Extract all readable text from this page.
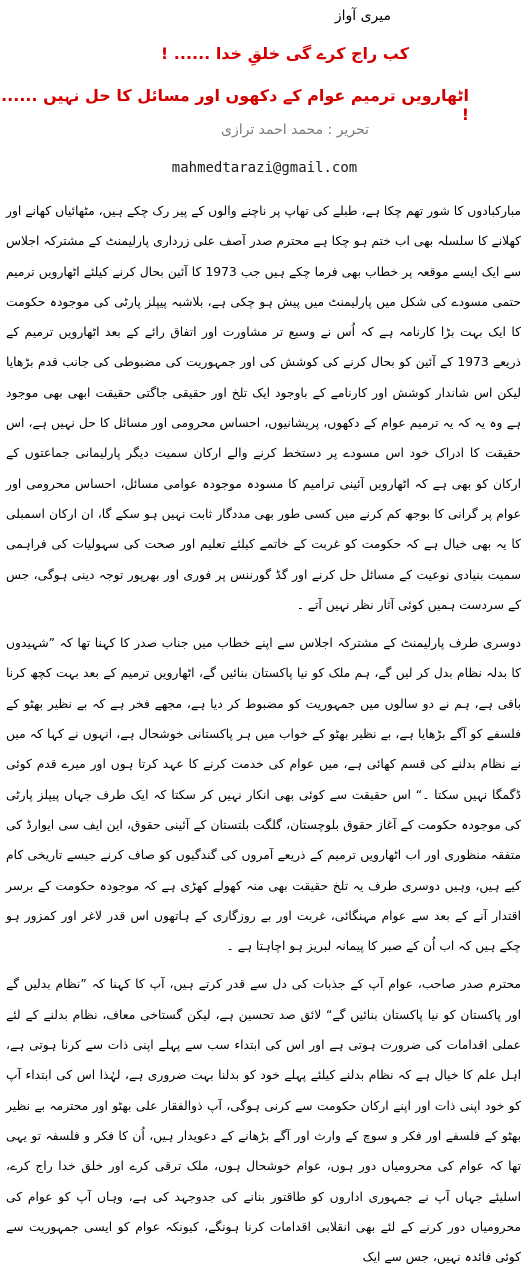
میری آواز
کب راج کرے گی خلقِ خدا ...... !
اٹھارویں ترمیم عوام کے دکھوں اور مسائل کا حل نہیں ...... !
تحریر : محمد احمد ترازی
mahmedtarazi@gmail.com

مبارکبادوں کا شور تھم چکا ہے، طبلے کی تھاپ پر ناچنے والوں کے پیر رک چکے ہیں، مٹھائیاں کھانے اور کھلانے کا سلسلہ بھی اب ختم ہو چکا ہے محترم صدر آصف علی زرداری پارلیمنٹ کے مشترکہ اجلاس سے ایک ایسے موقعہ پر خطاب بھی فرما چکے ہیں جب 1973 کا آئین بحال کرنے کیلئے اٹھارویں ترمیم حتمی مسودے کی شکل میں پارلیمنٹ میں پیش ہو چکی ہے، بلاشبہ پیپلز پارٹی کی موجودہ حکومت کا ایک بہت بڑا کارنامہ ہے کہ اُس نے وسیع تر مشاورت اور اتفاق رائے کے بعد اٹھارویں ترمیم کے ذریعے 1973 کے آئین کو بحال کرنے کی کوشش کی اور جمہوریت کی مضبوطی کی جانب قدم بڑھایا لیکن اس شاندار کوشش اور کارنامے کے باوجود ایک تلخ اور حقیقی جاگتی حقیقت ابھی بھی موجود ہے وہ یہ کہ یہ ترمیم عوام کے دکھوں، پریشانیوں، احساس محرومی اور مسائل کا حل نہیں ہے، اس حقیقت کا ادراک خود اس مسودے پر دستخط کرنے والے ارکان سمیت دیگر پارلیمانی جماعتوں کے ارکان کو بھی ہے کہ اٹھارویں آئینی ترامیم کا مسودہ موجودہ عوامی مسائل، احساس محرومی اور عوام پر گرانی کا بوجھ کم کرنے میں کسی طور بھی مددگار ثابت نہیں ہو سکے گا، ان ارکان اسمبلی کا یہ بھی خیال ہے کہ حکومت کو غربت کے خاتمے کیلئے تعلیم اور صحت کی سہولیات کی فراہمی سمیت بنیادی نوعیت کے مسائل حل کرنے اور گڈ گورننس پر فوری اور بھرپور توجہ دینی ہوگی، جس کے سردست ہمیں کوئی آثار نظر نہیں آتے ۔

دوسری طرف پارلیمنٹ کے مشترکہ اجلاس سے اپنے خطاب میں جناب صدر کا کہنا تھا کہ ”شہیدوں کا بدلہ نظام بدل کر لیں گے، ہم ملک کو نیا پاکستان بنائیں گے، اٹھارویں ترمیم کے بعد بہت کچھ کرنا باقی ہے، ہم نے دو سالوں میں جمہوریت کو مضبوط کر دیا ہے، مجھے فخر ہے کہ بے نظیر بھٹو کے فلسفے کو آگے بڑھایا ہے، بے نظیر بھٹو کے خواب میں ہر پاکستانی خوشحال ہے، انہوں نے کہا کہ میں نے نظام بدلنے کی قسم کھائی ہے، میں عوام کی خدمت کرنے کا عہد کرتا ہوں اور میرے قدم کوئی ڈگمگا نہیں سکتا ۔“ اس حقیقت سے کوئی بھی انکار نہیں کر سکتا کہ ایک طرف جہاں پیپلز پارٹی کی موجودہ حکومت کے آغاز حقوق بلوچستان، گلگت بلتستان کے آئینی حقوق، این ایف سی ایوارڈ کی متفقہ منظوری اور اب اٹھارویں ترمیم کے ذریعے آمروں کی گندگیوں کو صاف کرنے جیسے تاریخی کام کیے ہیں، وہیں دوسری طرف یہ تلخ حقیقت بھی منہ کھولے کھڑی ہے کہ موجودہ حکومت کے برسر اقتدار آنے کے بعد سے عوام مہنگائی، غربت اور بے روزگاری کے ہاتھوں اس قدر لاغر اور کمزور ہو چکے ہیں کہ اب اُن کے صبر کا پیمانہ لبریز ہو اچاہتا ہے ۔

محترم صدر صاحب، عوام آپ کے جذبات کی دل سے قدر کرتے ہیں، آپ کا کہنا کہ ”نظام بدلیں گے اور پاکستان کو نیا پاکستان بنائیں گے“ لائق صد تحسین ہے، لیکن گستاخی معاف، نظام بدلنے کے لئے عملی اقدامات کی ضرورت ہوتی ہے اور اس کی ابتداء سب سے پہلے اپنی ذات سے کرنا ہوتی ہے، اہل علم کا خیال ہے کہ نظام بدلنے کیلئے پہلے خود کو بدلنا بہت ضروری ہے، لہٰذا اس کی ابتداء آپ کو خود اپنی ذات اور اپنے ارکان حکومت سے کرنی ہوگی، آپ ذوالفقار علی بھٹو اور محترمہ بے نظیر بھٹو کے فلسفے اور فکر و سوچ کے وارث اور آگے بڑھانے کے دعویدار ہیں، اُن کا فکر و فلسفہ تو یہی تھا کہ عوام کی محرومیاں دور ہوں، عوام خوشحال ہوں، ملک ترقی کرے اور خلق خدا راج کرے، اسلیئے جہاں آپ نے جمہوری اداروں کو طاقتور بنانے کی جدوجہد کی ہے، وہاں آپ کو عوام کی محرومیاں دور کرنے کے لئے بھی انقلابی اقدامات کرنا ہونگے، کیونکہ عوام کو ایسی جمہوریت سے کوئی فائدہ نہیں، جس سے ایک
